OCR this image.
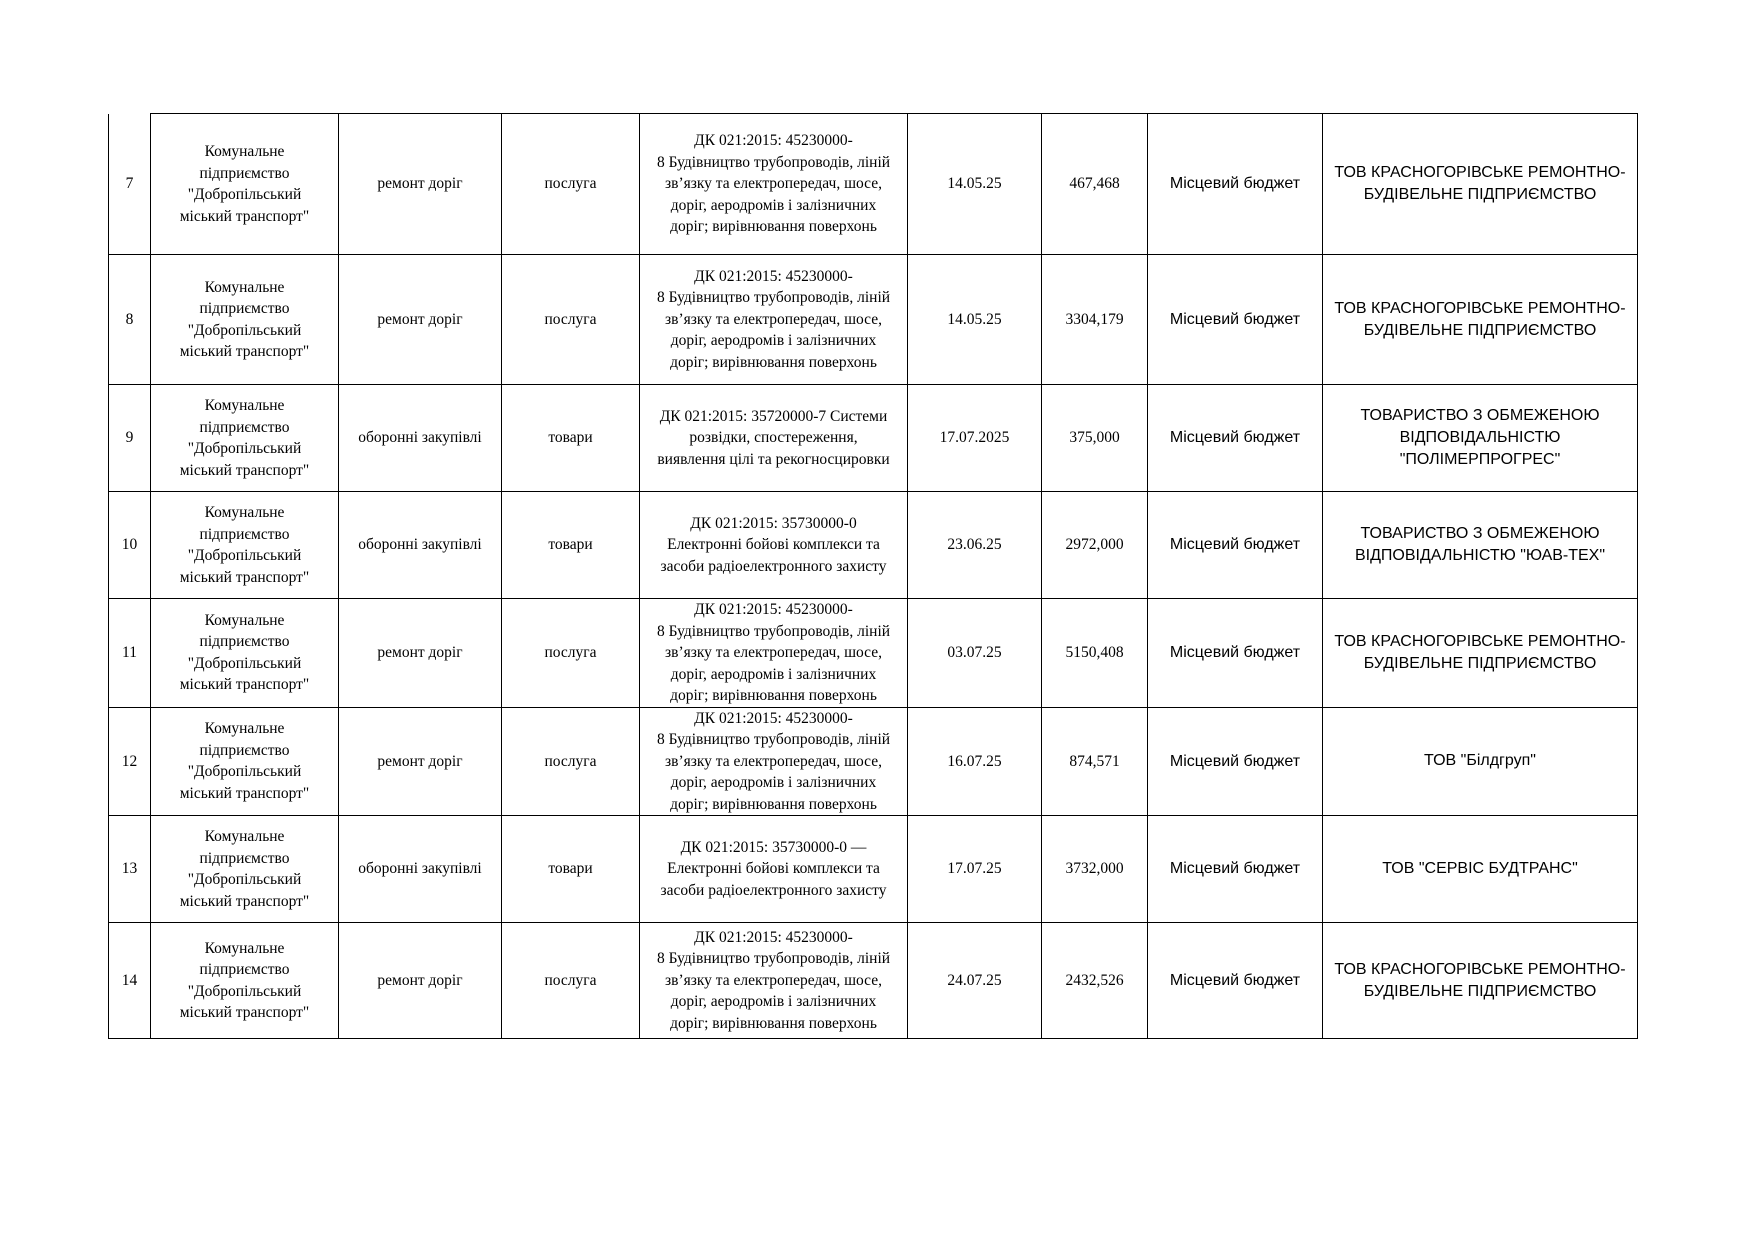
7	Комунальне
підприємство
"Добропільський
міський транспорт"	ремонт доріг	послуга	ДК 021:2015: 45230000-
8 Будівництво трубопроводів, ліній
зв’язку та електропередач, шосе,
доріг, аеродромів і залізничних
доріг; вирівнювання поверхонь	14.05.25	467,468	Місцевий бюджет	ТОВ КРАСНОГОРІВСЬКЕ РЕМОНТНО-
БУДІВЕЛЬНЕ ПІДПРИЄМСТВО
8	Комунальне
підприємство
"Добропільський
міський транспорт"	ремонт доріг	послуга	ДК 021:2015: 45230000-
8 Будівництво трубопроводів, ліній
зв’язку та електропередач, шосе,
доріг, аеродромів і залізничних
доріг; вирівнювання поверхонь	14.05.25	3304,179	Місцевий бюджет	ТОВ КРАСНОГОРІВСЬКЕ РЕМОНТНО-
БУДІВЕЛЬНЕ ПІДПРИЄМСТВО
9	Комунальне
підприємство
"Добропільський
міський транспорт"	оборонні закупівлі	товари	ДК 021:2015: 35720000-7 Системи
розвідки, спостереження,
виявлення цілі та рекогносцировки	17.07.2025	375,000	Місцевий бюджет	ТОВАРИСТВО З ОБМЕЖЕНОЮ
ВІДПОВІДАЛЬНІСТЮ
"ПОЛІМЕРПРОГРЕС"
10	Комунальне
підприємство
"Добропільський
міський транспорт"	оборонні закупівлі	товари	ДК 021:2015: 35730000-0
Електронні бойові комплекси та
засоби радіоелектронного захисту	23.06.25	2972,000	Місцевий бюджет	ТОВАРИСТВО З ОБМЕЖЕНОЮ
ВІДПОВІДАЛЬНІСТЮ "ЮАВ-ТЕХ"
11	Комунальне
підприємство
"Добропільський
міський транспорт"	ремонт доріг	послуга	ДК 021:2015: 45230000-
8 Будівництво трубопроводів, ліній
зв’язку та електропередач, шосе,
доріг, аеродромів і залізничних
доріг; вирівнювання поверхонь	03.07.25	5150,408	Місцевий бюджет	ТОВ КРАСНОГОРІВСЬКЕ РЕМОНТНО-
БУДІВЕЛЬНЕ ПІДПРИЄМСТВО
12	Комунальне
підприємство
"Добропільський
міський транспорт"	ремонт доріг	послуга	ДК 021:2015: 45230000-
8 Будівництво трубопроводів, ліній
зв’язку та електропередач, шосе,
доріг, аеродромів і залізничних
доріг; вирівнювання поверхонь	16.07.25	874,571	Місцевий бюджет	ТОВ "Білдгруп"
13	Комунальне
підприємство
"Добропільський
міський транспорт"	оборонні закупівлі	товари	ДК 021:2015: 35730000-0 —
Електронні бойові комплекси та
засоби радіоелектронного захисту	17.07.25	3732,000	Місцевий бюджет	ТОВ "СЕРВІС БУДТРАНС"
14	Комунальне
підприємство
"Добропільський
міський транспорт"	ремонт доріг	послуга	ДК 021:2015: 45230000-
8 Будівництво трубопроводів, ліній
зв’язку та електропередач, шосе,
доріг, аеродромів і залізничних
доріг; вирівнювання поверхонь	24.07.25	2432,526	Місцевий бюджет	ТОВ КРАСНОГОРІВСЬКЕ РЕМОНТНО-
БУДІВЕЛЬНЕ ПІДПРИЄМСТВО
